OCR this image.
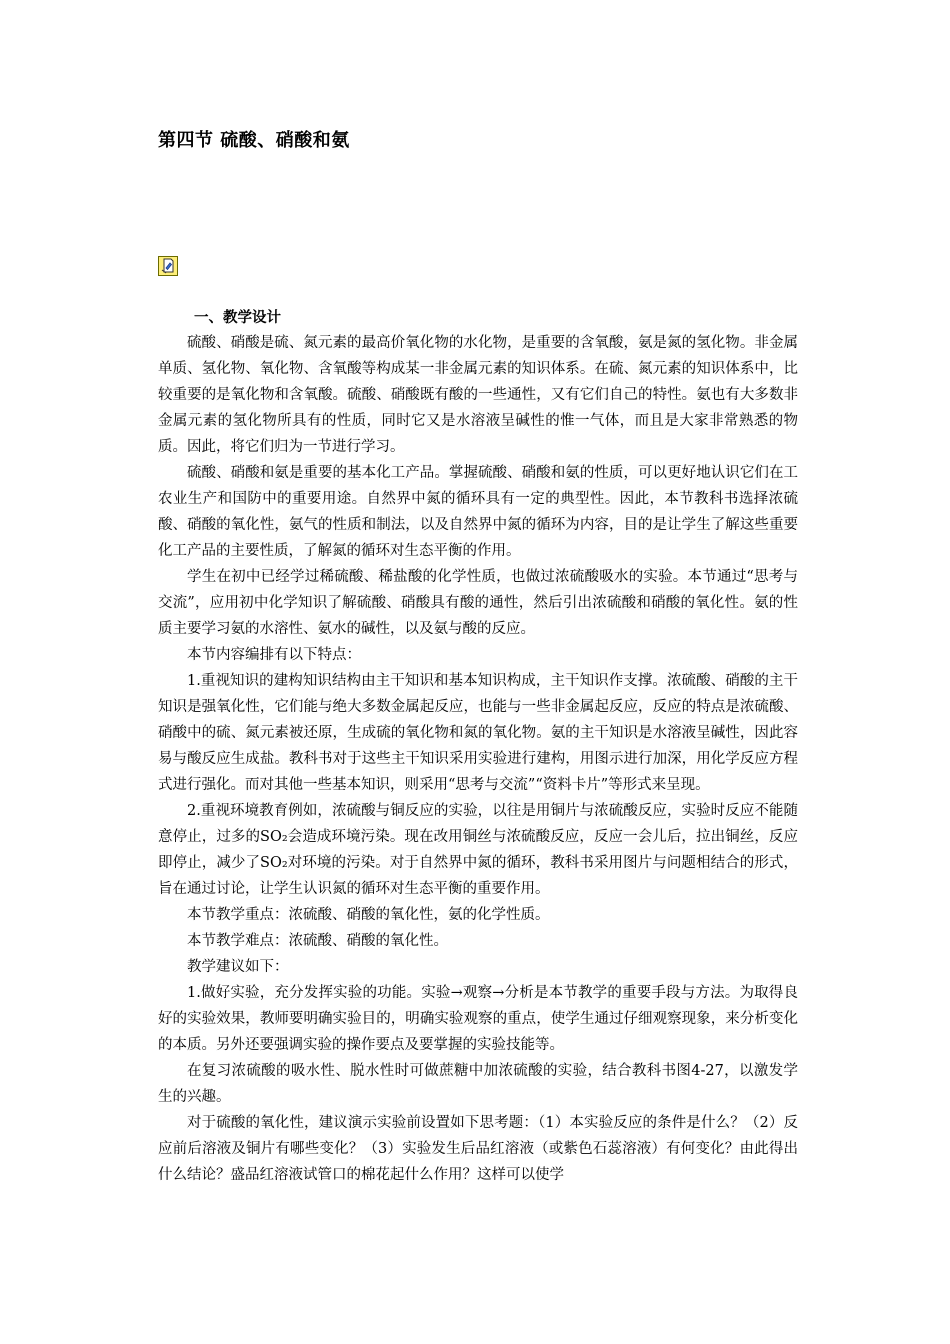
第四节 硫酸、硝酸和氨
一、教学设计

硫酸、硝酸是硫、氮元素的最高价氧化物的水化物，是重要的含氧酸，氨是氮的氢化物。非金属单质、氢化物、氧化物、含氧酸等构成某一非金属元素的知识体系。在硫、氮元素的知识体系中，比较重要的是氧化物和含氧酸。硫酸、硝酸既有酸的一些通性，又有它们自己的特性。氨也有大多数非金属元素的氢化物所具有的性质，同时它又是水溶液呈碱性的惟一气体，而且是大家非常熟悉的物质。因此，将它们归为一节进行学习。

硫酸、硝酸和氨是重要的基本化工产品。掌握硫酸、硝酸和氨的性质，可以更好地认识它们在工农业生产和国防中的重要用途。自然界中氮的循环具有一定的典型性。因此，本节教科书选择浓硫酸、硝酸的氧化性，氨气的性质和制法，以及自然界中氮的循环为内容，目的是让学生了解这些重要化工产品的主要性质，了解氮的循环对生态平衡的作用。

学生在初中已经学过稀硫酸、稀盐酸的化学性质，也做过浓硫酸吸水的实验。本节通过“思考与交流”，应用初中化学知识了解硫酸、硝酸具有酸的通性，然后引出浓硫酸和硝酸的氧化性。氨的性质主要学习氨的水溶性、氨水的碱性，以及氨与酸的反应。

本节内容编排有以下特点：

1.重视知识的建构知识结构由主干知识和基本知识构成，主干知识作支撑。浓硫酸、硝酸的主干知识是强氧化性，它们能与绝大多数金属起反应，也能与一些非金属起反应，反应的特点是浓硫酸、硝酸中的硫、氮元素被还原，生成硫的氧化物和氮的氧化物。氨的主干知识是水溶液呈碱性，因此容易与酸反应生成盐。教科书对于这些主干知识采用实验进行建构，用图示进行加深，用化学反应方程式进行强化。而对其他一些基本知识，则采用“思考与交流”“资料卡片”等形式来呈现。

2.重视环境教育例如，浓硫酸与铜反应的实验，以往是用铜片与浓硫酸反应，实验时反应不能随意停止，过多的SO₂会造成环境污染。现在改用铜丝与浓硫酸反应，反应一会儿后，拉出铜丝，反应即停止，减少了SO₂对环境的污染。对于自然界中氮的循环，教科书采用图片与问题相结合的形式，旨在通过讨论，让学生认识氮的循环对生态平衡的重要作用。

本节教学重点：浓硫酸、硝酸的氧化性，氨的化学性质。

本节教学难点：浓硫酸、硝酸的氧化性。

教学建议如下：

1.做好实验，充分发挥实验的功能。实验→观察→分析是本节教学的重要手段与方法。为取得良好的实验效果，教师要明确实验目的，明确实验观察的重点，使学生通过仔细观察现象，来分析变化的本质。另外还要强调实验的操作要点及要掌握的实验技能等。

在复习浓硫酸的吸水性、脱水性时可做蔗糖中加浓硫酸的实验，结合教科书图4-27，以激发学生的兴趣。

对于硫酸的氧化性，建议演示实验前设置如下思考题：（1）本实验反应的条件是什么？（2）反应前后溶液及铜片有哪些变化？（3）实验发生后品红溶液（或紫色石蕊溶液）有何变化？由此得出什么结论？盛品红溶液试管口的棉花起什么作用？这样可以使学
